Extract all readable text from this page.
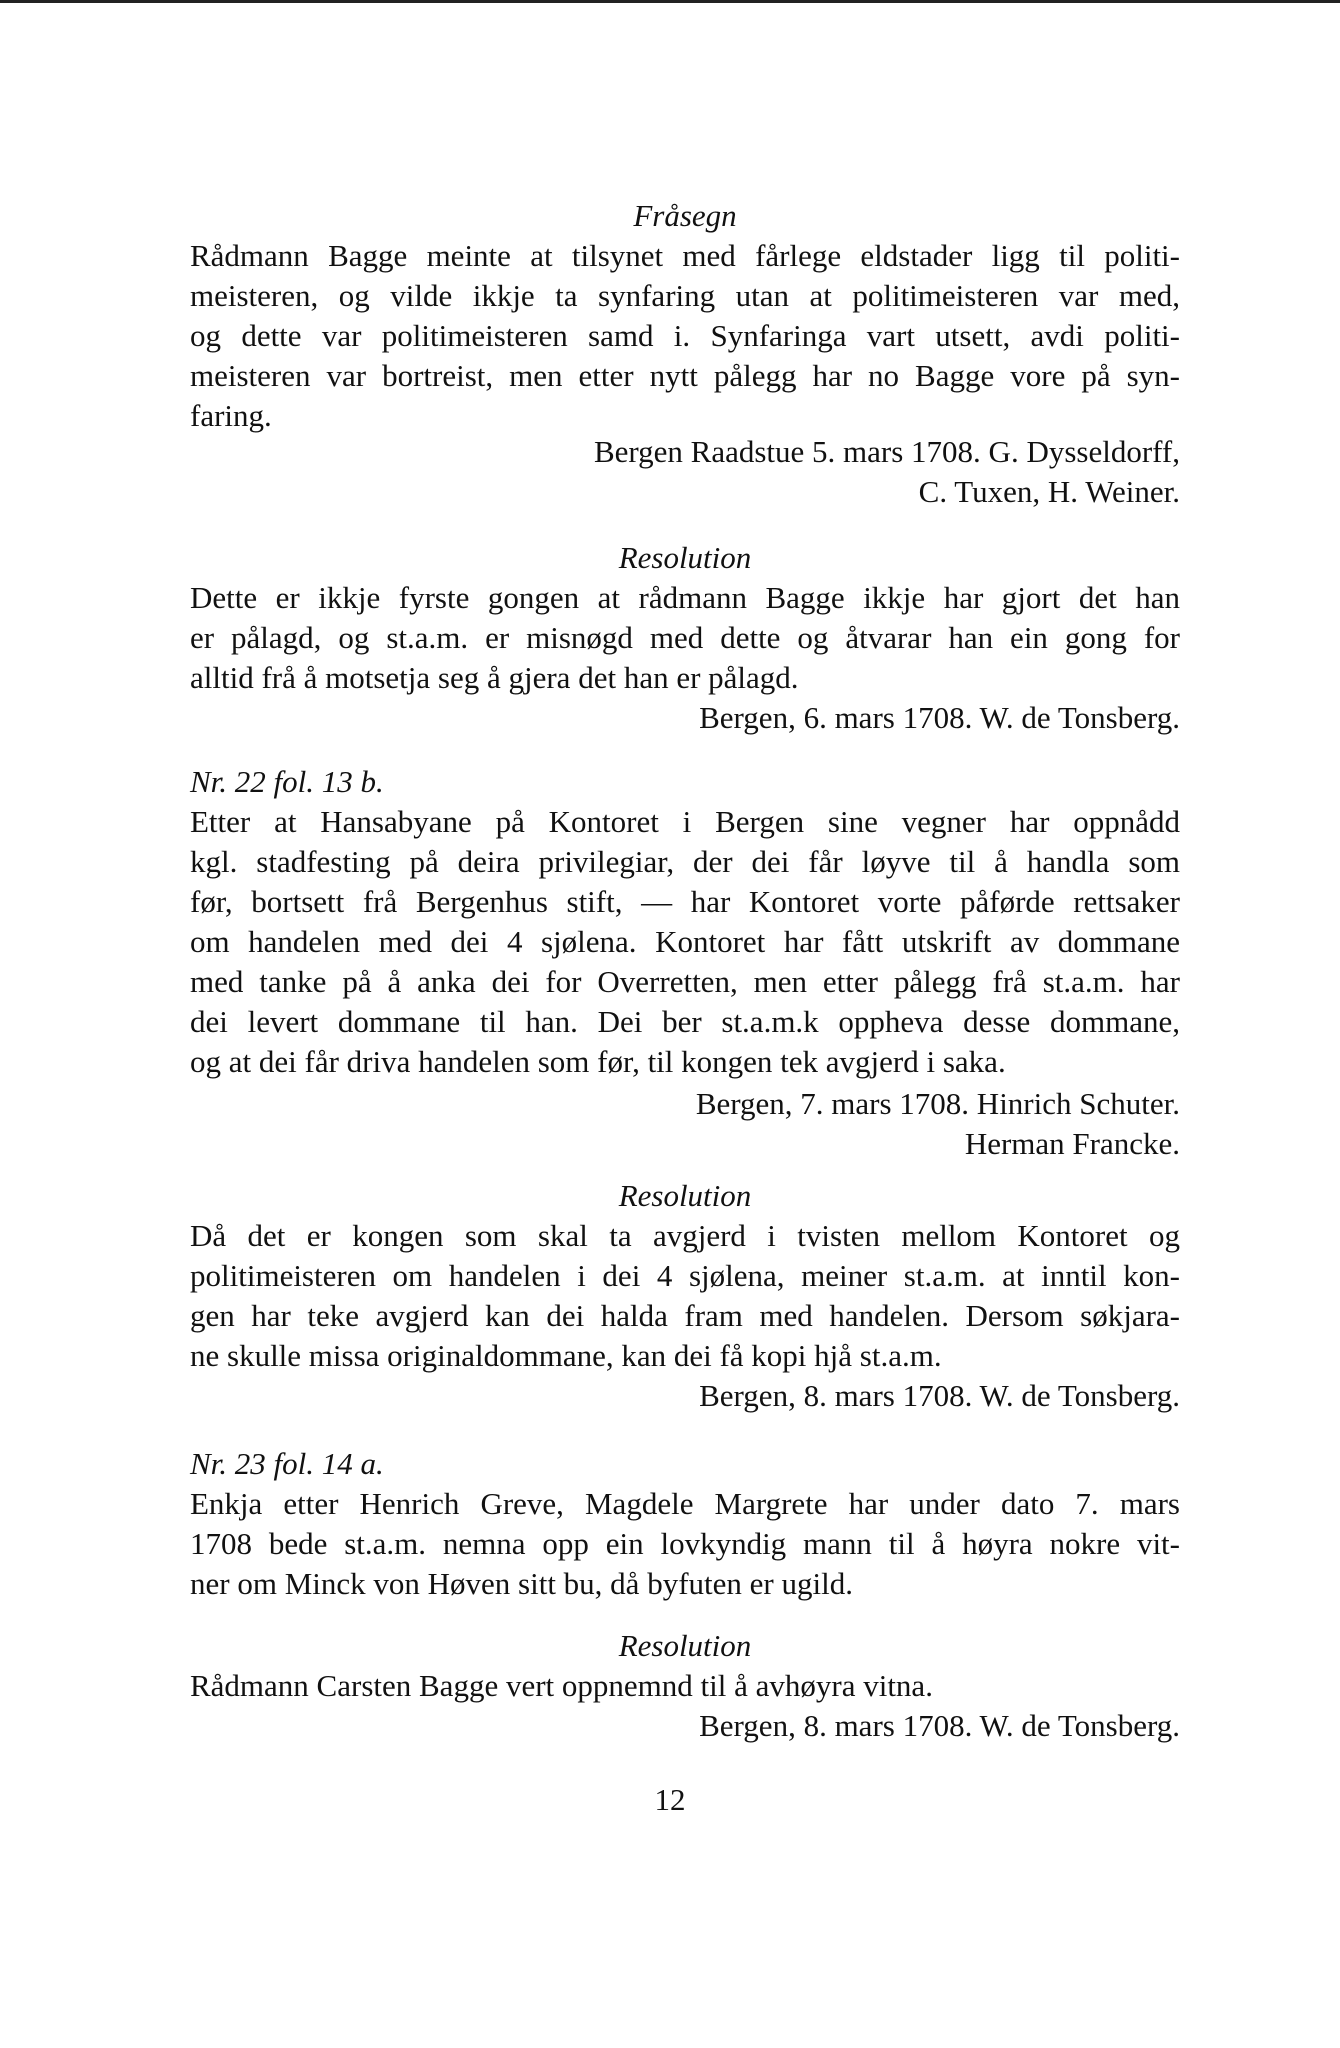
Fråsegn
Rådmann Bagge meinte at tilsynet med fårlege eldstader ligg til politi-
meisteren, og vilde ikkje ta synfaring utan at politimeisteren var med,
og dette var politimeisteren samd i. Synfaringa vart utsett, avdi politi-
meisteren var bortreist, men etter nytt pålegg har no Bagge vore på syn-
faring.
Bergen Raadstue 5. mars 1708. G. Dysseldorff,
C. Tuxen, H. Weiner.
Resolution
Dette er ikkje fyrste gongen at rådmann Bagge ikkje har gjort det han
er pålagd, og st.a.m. er misnøgd med dette og åtvarar han ein gong for
alltid frå å motsetja seg å gjera det han er pålagd.
Bergen, 6. mars 1708. W. de Tonsberg.
Nr. 22 fol. 13 b.
Etter at Hansabyane på Kontoret i Bergen sine vegner har oppnådd
kgl. stadfesting på deira privilegiar, der dei får løyve til å handla som
før, bortsett frå Bergenhus stift, — har Kontoret vorte påførde rettsaker
om handelen med dei 4 sjølena. Kontoret har fått utskrift av dommane
med tanke på å anka dei for Overretten, men etter pålegg frå st.a.m. har
dei levert dommane til han. Dei ber st.a.m.k oppheva desse dommane,
og at dei får driva handelen som før, til kongen tek avgjerd i saka.
Bergen, 7. mars 1708. Hinrich Schuter.
Herman Francke.
Resolution
Då det er kongen som skal ta avgjerd i tvisten mellom Kontoret og
politimeisteren om handelen i dei 4 sjølena, meiner st.a.m. at inntil kon-
gen har teke avgjerd kan dei halda fram med handelen. Dersom søkjara-
ne skulle missa originaldommane, kan dei få kopi hjå st.a.m.
Bergen, 8. mars 1708. W. de Tonsberg.
Nr. 23 fol. 14 a.
Enkja etter Henrich Greve, Magdele Margrete har under dato 7. mars
1708 bede st.a.m. nemna opp ein lovkyndig mann til å høyra nokre vit-
ner om Minck von Høven sitt bu, då byfuten er ugild.
Resolution
Rådmann Carsten Bagge vert oppnemnd til å avhøyra vitna.
Bergen, 8. mars 1708. W. de Tonsberg.
12
